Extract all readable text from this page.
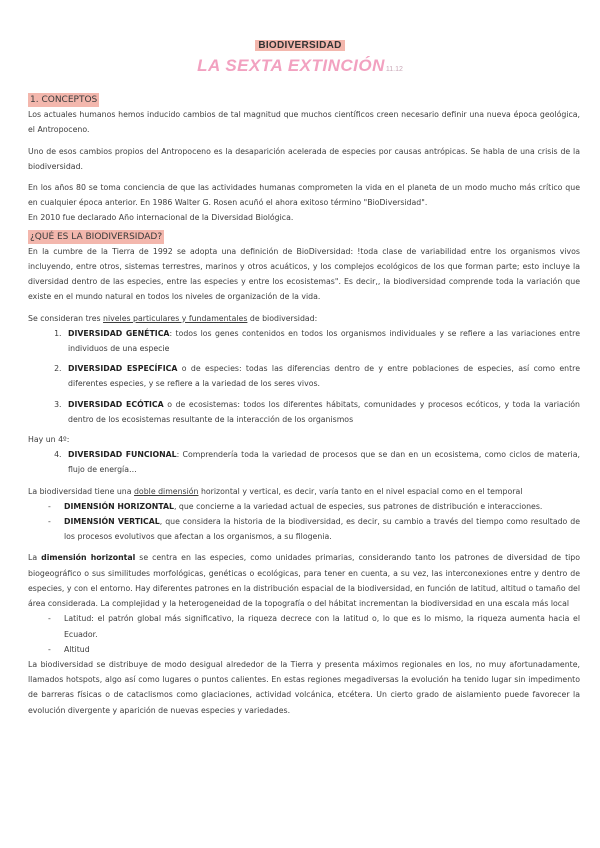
BIODIVERSIDAD
LA SEXTA EXTINCIÓN11.12
1. CONCEPTOS

Los actuales humanos hemos inducido cambios de tal magnitud que muchos científicos creen necesario definir una nueva época geológica, el Antropoceno.

Uno de esos cambios propios del Antropoceno es la desaparición acelerada de especies por causas antrópicas. Se habla de una crisis de la biodiversidad.

En los años 80 se toma conciencia de que las actividades humanas comprometen la vida en el planeta de un modo mucho más crítico que en cualquier época anterior. En 1986 Walter G. Rosen acuñó el ahora exitoso término "BioDiversidad".

En 2010 fue declarado Año internacional de la Diversidad Biológica.

¿QUÉ ES LA BIODIVERSIDAD?

En la cumbre de la Tierra de 1992 se adopta una definición de BioDiversidad: !toda clase de variabilidad entre los organismos vivos incluyendo, entre otros, sistemas terrestres, marinos y otros acuáticos, y los complejos ecológicos de los que forman parte; esto incluye la diversidad dentro de las especies, entre las especies y entre los ecosistemas". Es decir,, la biodiversidad comprende toda la variación que existe en el mundo natural en todos los niveles de organización de la vida.

Se consideran tres niveles particulares y fundamentales de biodiversidad:

1. DIVERSIDAD GENÉTICA: todos los genes contenidos en todos los organismos individuales y se refiere a las variaciones entre individuos de una especie
2. DIVERSIDAD ESPECÍFICA o de especies: todas las diferencias dentro de y entre poblaciones de especies, así como entre diferentes especies, y se refiere a la variedad de los seres vivos.
3. DIVERSIDAD ECÓTICA o de ecosistemas: todos los diferentes hábitats, comunidades y procesos ecóticos, y toda la variación dentro de los ecosistemas resultante de la interacción de los organismos

Hay un 4º:

4. DIVERSIDAD FUNCIONAL: Comprendería toda la variedad de procesos que se dan en un ecosistema, como ciclos de materia, flujo de energía…

La biodiversidad tiene una doble dimensión horizontal y vertical, es decir, varía tanto en el nivel espacial como en el temporal

- DIMENSIÓN HORIZONTAL, que concierne a la variedad actual de especies, sus patrones de distribución e interacciones.
- DIMENSIÓN VERTICAL, que considera la historia de la biodiversidad, es decir, su cambio a través del tiempo como resultado de los procesos evolutivos que afectan a los organismos, a su filogenia.

La dimensión horizontal se centra en las especies, como unidades primarias, considerando tanto los patrones de diversidad de tipo biogeográfico o sus similitudes morfológicas, genéticas o ecológicas, para tener en cuenta, a su vez, las interconexiones entre y dentro de especies, y con el entorno. Hay diferentes patrones en la distribución espacial de la biodiversidad, en función de latitud, altitud o tamaño del área considerada. La complejidad y la heterogeneidad de la topografía o del hábitat incrementan la biodiversidad en una escala más local

- Latitud: el patrón global más significativo, la riqueza decrece con la latitud o, lo que es lo mismo, la riqueza aumenta hacia el Ecuador.
- Altitud

La biodiversidad se distribuye de modo desigual alrededor de la Tierra y presenta máximos regionales en los, no muy afortunadamente, llamados hotspots, algo así como lugares o puntos calientes. En estas regiones megadiversas la evolución ha tenido lugar sin impedimento de barreras físicas o de cataclismos como glaciaciones, actividad volcánica, etcétera. Un cierto grado de aislamiento puede favorecer la evolución divergente y aparición de nuevas especies y variedades.
